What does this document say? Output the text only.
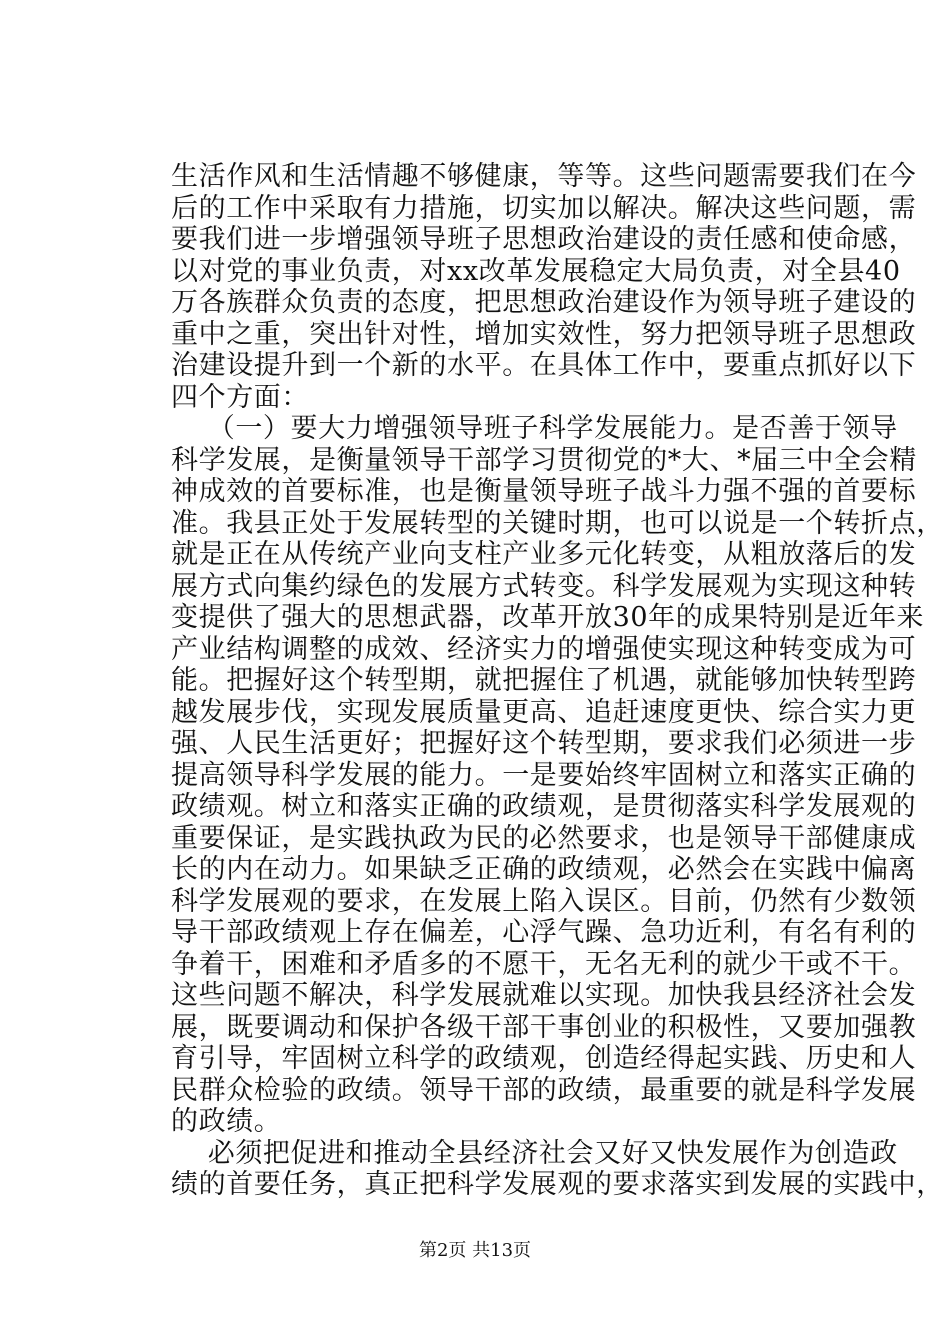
生活作风和生活情趣不够健康，等等。这些问题需要我们在今
后的工作中采取有力措施，切实加以解决。解决这些问题，需
要我们进一步增强领导班子思想政治建设的责任感和使命感，
以对党的事业负责，对xx改革发展稳定大局负责，对全县40
万各族群众负责的态度，把思想政治建设作为领导班子建设的
重中之重，突出针对性，增加实效性，努力把领导班子思想政
治建设提升到一个新的水平。在具体工作中，要重点抓好以下
四个方面：
（一）要大力增强领导班子科学发展能力。是否善于领导
科学发展，是衡量领导干部学习贯彻党的*大、*届三中全会精
神成效的首要标准，也是衡量领导班子战斗力强不强的首要标
准。我县正处于发展转型的关键时期，也可以说是一个转折点，
就是正在从传统产业向支柱产业多元化转变，从粗放落后的发
展方式向集约绿色的发展方式转变。科学发展观为实现这种转
变提供了强大的思想武器，改革开放30年的成果特别是近年来
产业结构调整的成效、经济实力的增强使实现这种转变成为可
能。把握好这个转型期，就把握住了机遇，就能够加快转型跨
越发展步伐，实现发展质量更高、追赶速度更快、综合实力更
强、人民生活更好；把握好这个转型期，要求我们必须进一步
提高领导科学发展的能力。一是要始终牢固树立和落实正确的
政绩观。树立和落实正确的政绩观，是贯彻落实科学发展观的
重要保证，是实践执政为民的必然要求，也是领导干部健康成
长的内在动力。如果缺乏正确的政绩观，必然会在实践中偏离
科学发展观的要求，在发展上陷入误区。目前，仍然有少数领
导干部政绩观上存在偏差，心浮气躁、急功近利，有名有利的
争着干，困难和矛盾多的不愿干，无名无利的就少干或不干。
这些问题不解决，科学发展就难以实现。加快我县经济社会发
展，既要调动和保护各级干部干事创业的积极性，又要加强教
育引导，牢固树立科学的政绩观，创造经得起实践、历史和人
民群众检验的政绩。领导干部的政绩，最重要的就是科学发展
的政绩。
必须把促进和推动全县经济社会又好又快发展作为创造政
绩的首要任务，真正把科学发展观的要求落实到发展的实践中，
第2页 共13页
